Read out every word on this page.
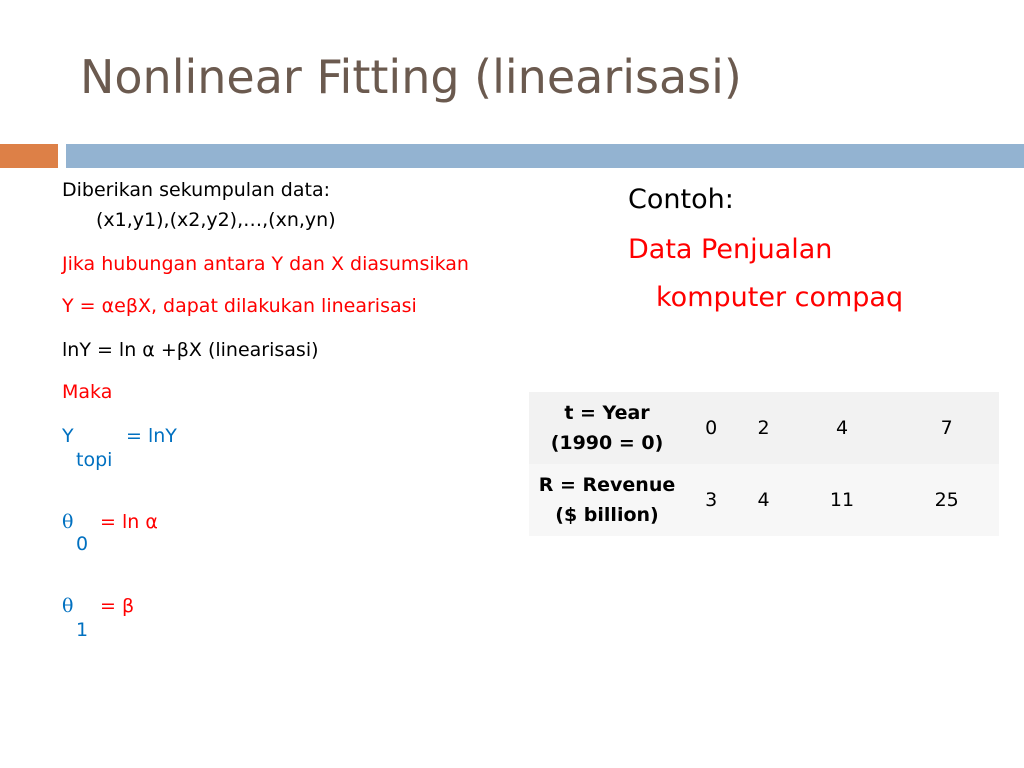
Nonlinear Fitting (linearisasi)
Diberikan sekumpulan data:
(x1,y1),(x2,y2),…,(xn,yn)
Jika hubungan antara Y dan X diasumsikan
Y = αeβX, dapat dilakukan linearisasi
lnY = ln α +βX (linearisasi)
Maka
Y
topi
= lnY
θ
0
= ln α
θ
1
= β
Contoh:
Data Penjualan
komputer compaq
t = Year
(1990 = 0)	0	2	4	7

R = Revenue
($ billion)	3	4	11	25
